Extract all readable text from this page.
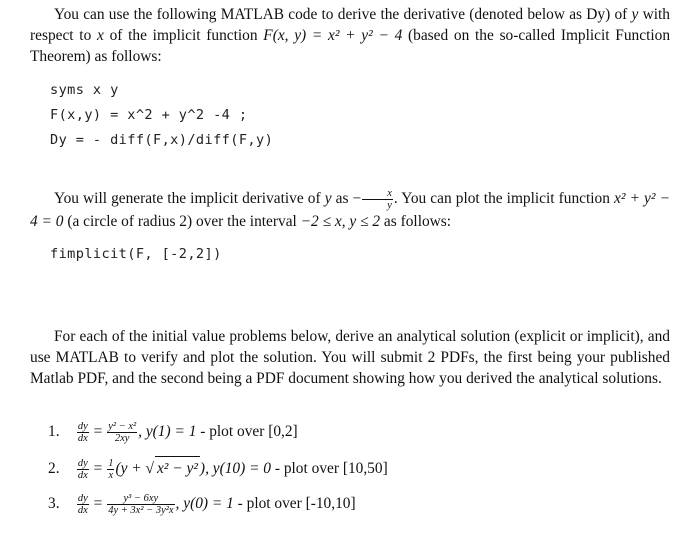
You can use the following MATLAB code to derive the derivative (denoted below as Dy) of y with respect to x of the implicit function F(x, y) = x² + y² − 4 (based on the so-called Implicit Function Theorem) as follows:
syms x y
F(x,y) = x^2 + y^2 -4 ;
Dy = - diff(F,x)/diff(F,y)
You will generate the implicit derivative of y as − $\frac{x}{y}$ . You can plot the implicit function x² + y² − 4 = 0 (a circle of radius 2) over the interval −2 ≤ x, y ≤ 2 as follows:
fimplicit(F, [-2,2])
For each of the initial value problems below, derive an analytical solution (explicit or implicit), and use MATLAB to verify and plot the solution. You will submit 2 PDFs, the first being your published Matlab PDF, and the second being a PDF document showing how you derived the analytical solutions.
1. $\frac{dy}{dx} = \frac{\text{y² − x²}}{2xy}$ , y(1) = 1 - plot over [0,2]
2. $\frac{dy}{dx} = \frac{1}{x} (y$ + √ x² − y² ), y(10) = 0 - plot over [10,50]
3. $\frac{dy}{dx} = \frac{\text{y³ − 6xy}}{\text{4y + 3x² − 3y²x}}$ , y(0) = 1 - plot over [-10,10]
